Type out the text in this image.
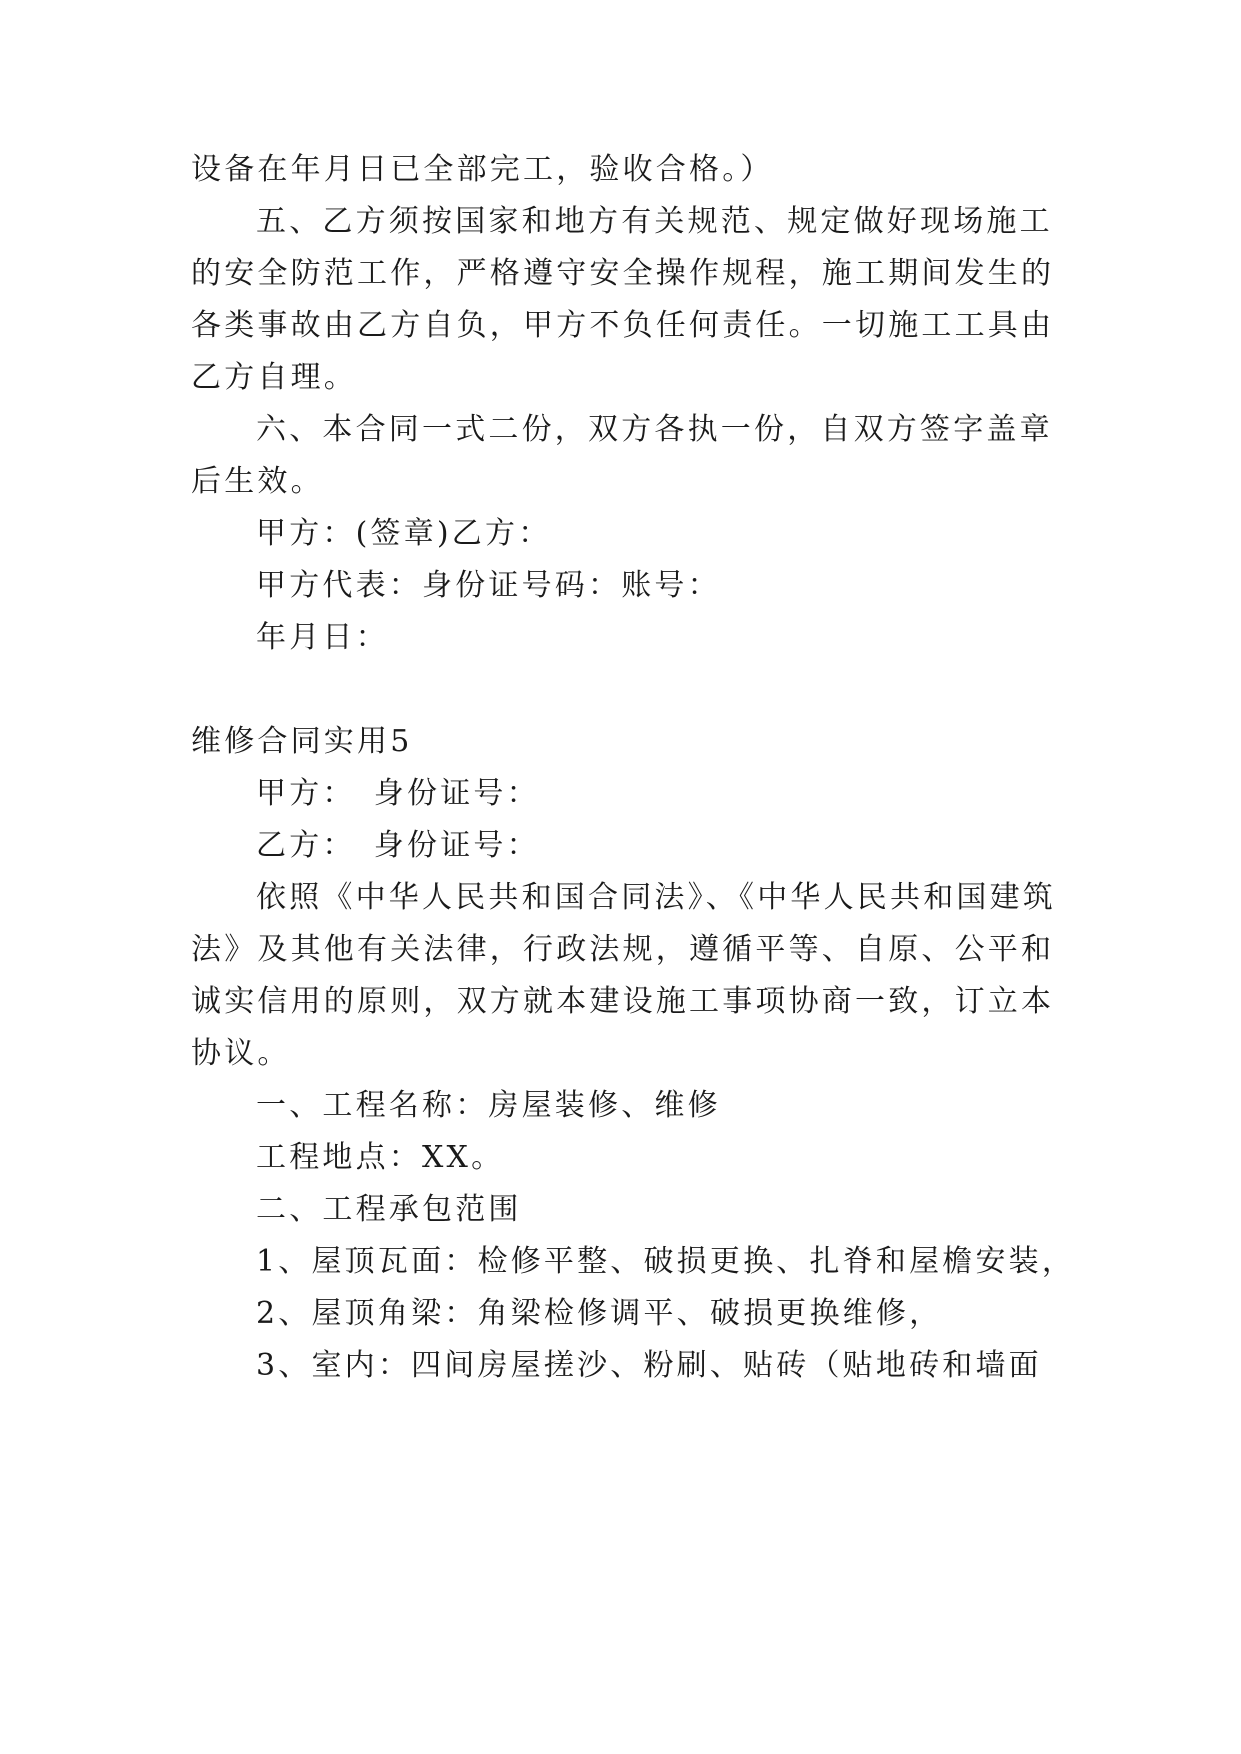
设备在年月日已全部完工，验收合格。）
五、乙方须按国家和地方有关规范、规定做好现场施工
的安全防范工作，严格遵守安全操作规程，施工期间发生的
各类事故由乙方自负，甲方不负任何责任。一切施工工具由
乙方自理。
六、本合同一式二份，双方各执一份，自双方签字盖章
后生效。
甲方：(签章)乙方：
甲方代表：身份证号码：账号：
年月日：
维修合同实用5
甲方：　身份证号：
乙方：　身份证号：
依照《中华人民共和国合同法》、《中华人民共和国建筑
法》及其他有关法律，行政法规，遵循平等、自原、公平和
诚实信用的原则，双方就本建设施工事项协商一致，订立本
协议。
一、工程名称：房屋装修、维修
工程地点：XX。
二、工程承包范围
1、屋顶瓦面：检修平整、破损更换、扎脊和屋檐安装，
2、屋顶角梁：角梁检修调平、破损更换维修，
3、室内：四间房屋搓沙、粉刷、贴砖（贴地砖和墙面
